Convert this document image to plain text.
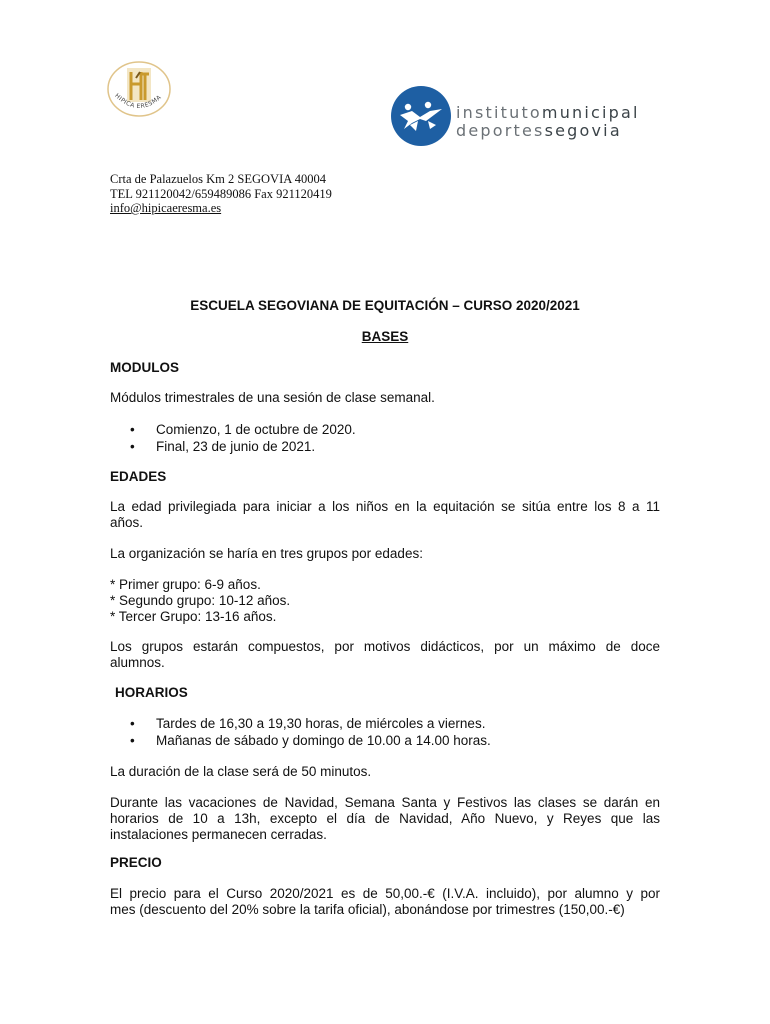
HIPICA ERESMA
institutomunicipal
deportessegovia
Crta de Palazuelos Km 2 SEGOVIA 40004
TEL 921120042/659489086 Fax 921120419
info@hipicaeresma.es
ESCUELA SEGOVIANA DE EQUITACIÓN – CURSO 2020/2021
BASES
MODULOS
Módulos trimestrales de una sesión de clase semanal.
• Comienzo, 1 de octubre de 2020.
• Final, 23 de junio de 2021.
EDADES
La edad privilegiada para iniciar a los niños en la equitación se sitúa entre los 8 a 11
años.
La organización se haría en tres grupos por edades:
* Primer grupo: 6-9 años.
* Segundo grupo: 10-12 años.
* Tercer Grupo: 13-16 años.
Los grupos estarán compuestos, por motivos didácticos, por un máximo de doce
alumnos.
HORARIOS
• Tardes de 16,30 a 19,30 horas, de miércoles a viernes.
• Mañanas de sábado y domingo de 10.00 a 14.00 horas.
La duración de la clase será de 50 minutos.
Durante las vacaciones de Navidad, Semana Santa y Festivos las clases se darán en
horarios de 10 a 13h, excepto el día de Navidad, Año Nuevo, y Reyes que las
instalaciones permanecen cerradas.
PRECIO
El precio para el Curso 2020/2021 es de 50,00.-€ (I.V.A. incluido), por alumno y por
mes (descuento del 20% sobre la tarifa oficial), abonándose por trimestres (150,00.-€)
